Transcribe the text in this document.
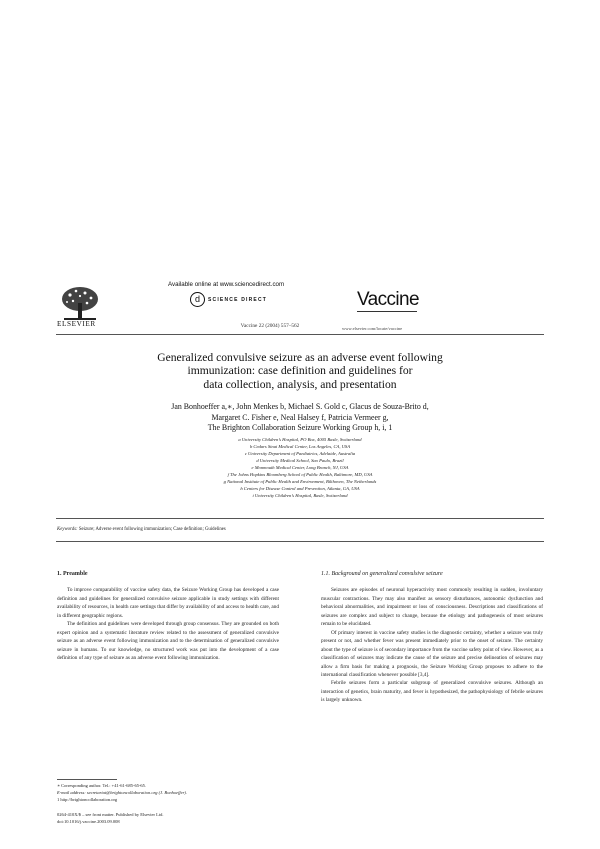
Available online at www.sciencedirect.com
d	SCIENCE DIRECT
Vaccine 22 (2004) 557–562
ELSEVIER
Vaccine
www.elsevier.com/locate/vaccine
Generalized convulsive seizure as an adverse event following
immunization: case definition and guidelines for
data collection, analysis, and presentation
Jan Bonhoeffer a,∗, John Menkes b, Michael S. Gold c, Glacus de Souza-Brito d,
Margaret C. Fisher e, Neal Halsey f, Patricia Vermeer g,
The Brighton Collaboration Seizure Working Group h, i, 1
a University Children’s Hospital, PO Box, 4005 Basle, Switzerland
b Cedars Sinai Medical Center, Los Angeles, CA, USA
c University Department of Paediatrics, Adelaide, Australia
d University Medical School, Sao Paulo, Brazil
e Monmouth Medical Center, Long Branch, NJ, USA
f The Johns Hopkins Bloomberg School of Public Health, Baltimore, MD, USA
g National Institute of Public Health and Environment, Bilthoven, The Netherlands
h Centers for Disease Control and Prevention, Atlanta, GA, USA
i University Children’s Hospital, Basle, Switzerland
Keywords: Seizure; Adverse event following immunization; Case definition; Guidelines
1. Preamble

To improve comparability of vaccine safety data, the Seizure Working Group has developed a case definition and guidelines for generalized convulsive seizure applicable in study settings with different availability of resources, in health care settings that differ by availability of and access to health care, and in different geographic regions.

The definition and guidelines were developed through group consensus. They are grounded on both expert opinion and a systematic literature review related to the assessment of generalized convulsive seizure as an adverse event following immunization and to the determination of generalized convulsive seizure in humans. To our knowledge, no structured work was put into the development of a case definition of any type of seizure as an adverse event following immunization.

∗ Corresponding author. Tel.: +41-61-685-65-65.
E-mail address: secretariat@brightoncollaboration.org (J. Bonhoeffer).
1 http://brightoncollaboration.org
0264-410X/$ – see front matter. Published by Elsevier Ltd.
doi:10.1016/j.vaccine.2003.09.008
1.1. Background on generalized convulsive seizure

Seizures are episodes of neuronal hyperactivity most commonly resulting in sudden, involuntary muscular contractions. They may also manifest as sensory disturbances, autonomic dysfunction and behavioral abnormalities, and impairment or loss of consciousness. Descriptions and classifications of seizures are complex and subject to change, because the etiology and pathogenesis of most seizures remain to be elucidated.

Of primary interest in vaccine safety studies is the diagnostic certainty, whether a seizure was truly present or not, and whether fever was present immediately prior to the onset of seizure. The certainty about the type of seizure is of secondary importance from the vaccine safety point of view. However, as a classification of seizures may indicate the cause of the seizure and precise delineation of seizures may allow a firm basis for making a prognosis, the Seizure Working Group proposes to adhere to the international classification whenever possible [3,4].

Febrile seizures form a particular subgroup of generalized convulsive seizures. Although an interaction of genetics, brain maturity, and fever is hypothesized, the pathophysiology of febrile seizures is largely unknown.
